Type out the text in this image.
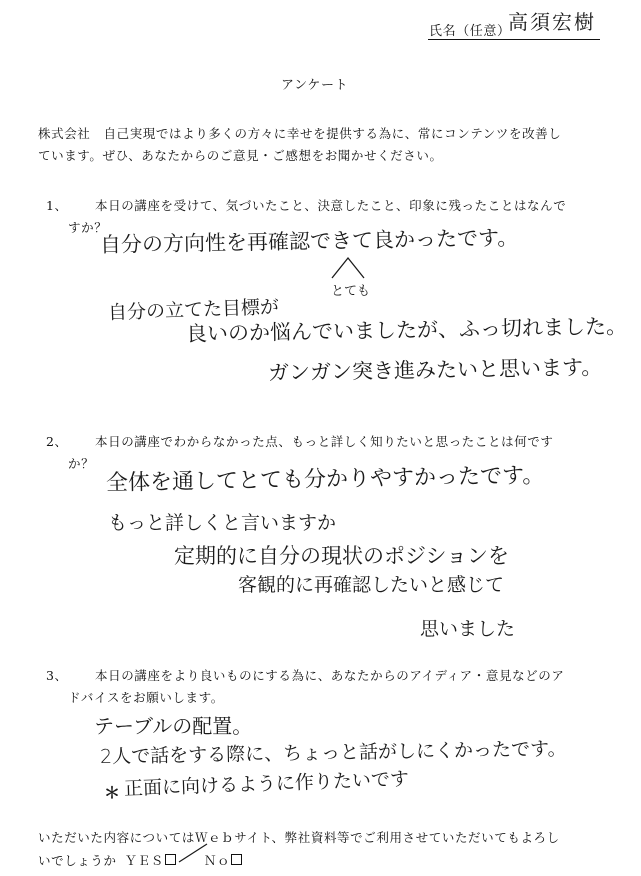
氏名（任意）
高須宏樹
アンケート
株式会社　自己実現ではより多くの方々に幸せを提供する為に、常にコンテンツを改善し
ています。ぜひ、あなたからのご意見・ご感想をお聞かせください。
1、 本日の講座を受けて、気づいたこと、決意したこと、印象に残ったことはなんで
すか？
自分の方向性を再確認できて良かったです。
とても
自分の立てた目標が
良いのか悩んでいましたが、ふっ切れました。
ガンガン突き進みたいと思います。
2、 本日の講座でわからなかった点、もっと詳しく知りたいと思ったことは何です
か？ 全体を通してとても分かりやすかったです。
もっと詳しくと言いますか
定期的に自分の現状のポジションを
客観的に再確認したいと感じて
思いました
3、 本日の講座をより良いものにする為に、あなたからのアイディア・意見などのア
ドバイスをお願いします。
テーブルの配置。
2人で話をする際に、ちょっと話がしにくかったです。
＊ 正面に向けるように作りたいです
いただいた内容についてはＷｅｂサイト、弊社資料等でご利用させていただいてもよろし
いでしょうか ＹＥＳ	Ｎｏ
